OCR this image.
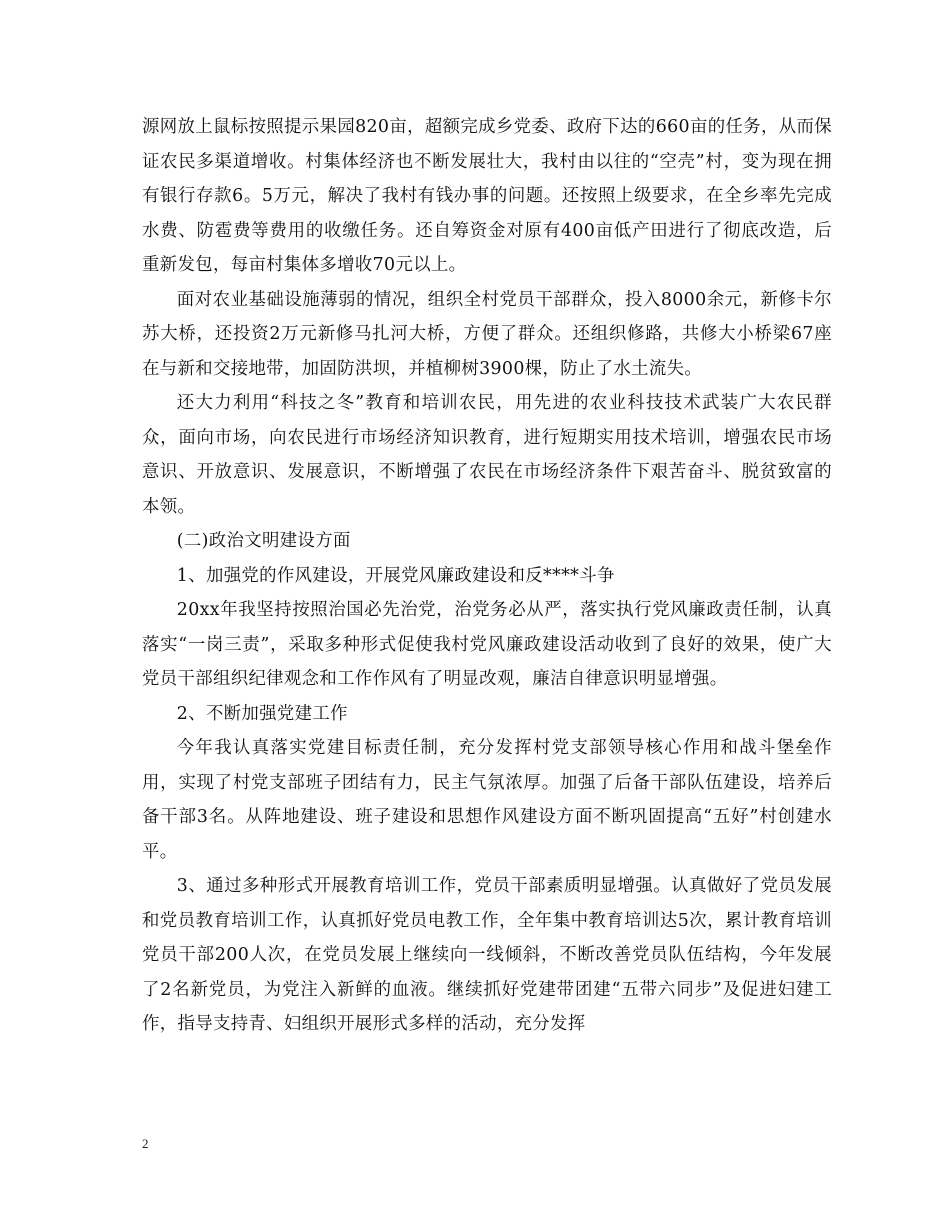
源网放上鼠标按照提示果园820亩，超额完成乡党委、政府下达的660亩的任务，从而保证农民多渠道增收。村集体经济也不断发展壮大，我村由以往的“空壳”村，变为现在拥有银行存款6。5万元，解决了我村有钱办事的问题。还按照上级要求，在全乡率先完成水费、防雹费等费用的收缴任务。还自筹资金对原有400亩低产田进行了彻底改造，后重新发包，每亩村集体多增收70元以上。

面对农业基础设施薄弱的情况，组织全村党员干部群众，投入8000余元，新修卡尔苏大桥，还投资2万元新修马扎河大桥，方便了群众。还组织修路，共修大小桥梁67座在与新和交接地带，加固防洪坝，并植柳树3900棵，防止了水土流失。

还大力利用“科技之冬”教育和培训农民，用先进的农业科技技术武装广大农民群众，面向市场，向农民进行市场经济知识教育，进行短期实用技术培训，增强农民市场意识、开放意识、发展意识，不断增强了农民在市场经济条件下艰苦奋斗、脱贫致富的本领。

(二)政治文明建设方面

1、加强党的作风建设，开展党风廉政建设和反****斗争

20xx年我坚持按照治国必先治党，治党务必从严，落实执行党风廉政责任制，认真落实“一岗三责”，采取多种形式促使我村党风廉政建设活动收到了良好的效果，使广大党员干部组织纪律观念和工作作风有了明显改观，廉洁自律意识明显增强。

2、不断加强党建工作

今年我认真落实党建目标责任制，充分发挥村党支部领导核心作用和战斗堡垒作用，实现了村党支部班子团结有力，民主气氛浓厚。加强了后备干部队伍建设，培养后备干部3名。从阵地建设、班子建设和思想作风建设方面不断巩固提高“五好”村创建水平。

3、通过多种形式开展教育培训工作，党员干部素质明显增强。认真做好了党员发展和党员教育培训工作，认真抓好党员电教工作，全年集中教育培训达5次，累计教育培训党员干部200人次，在党员发展上继续向一线倾斜，不断改善党员队伍结构，今年发展了2名新党员，为党注入新鲜的血液。继续抓好党建带团建“五带六同步”及促进妇建工作，指导支持青、妇组织开展形式多样的活动，充分发挥

2
